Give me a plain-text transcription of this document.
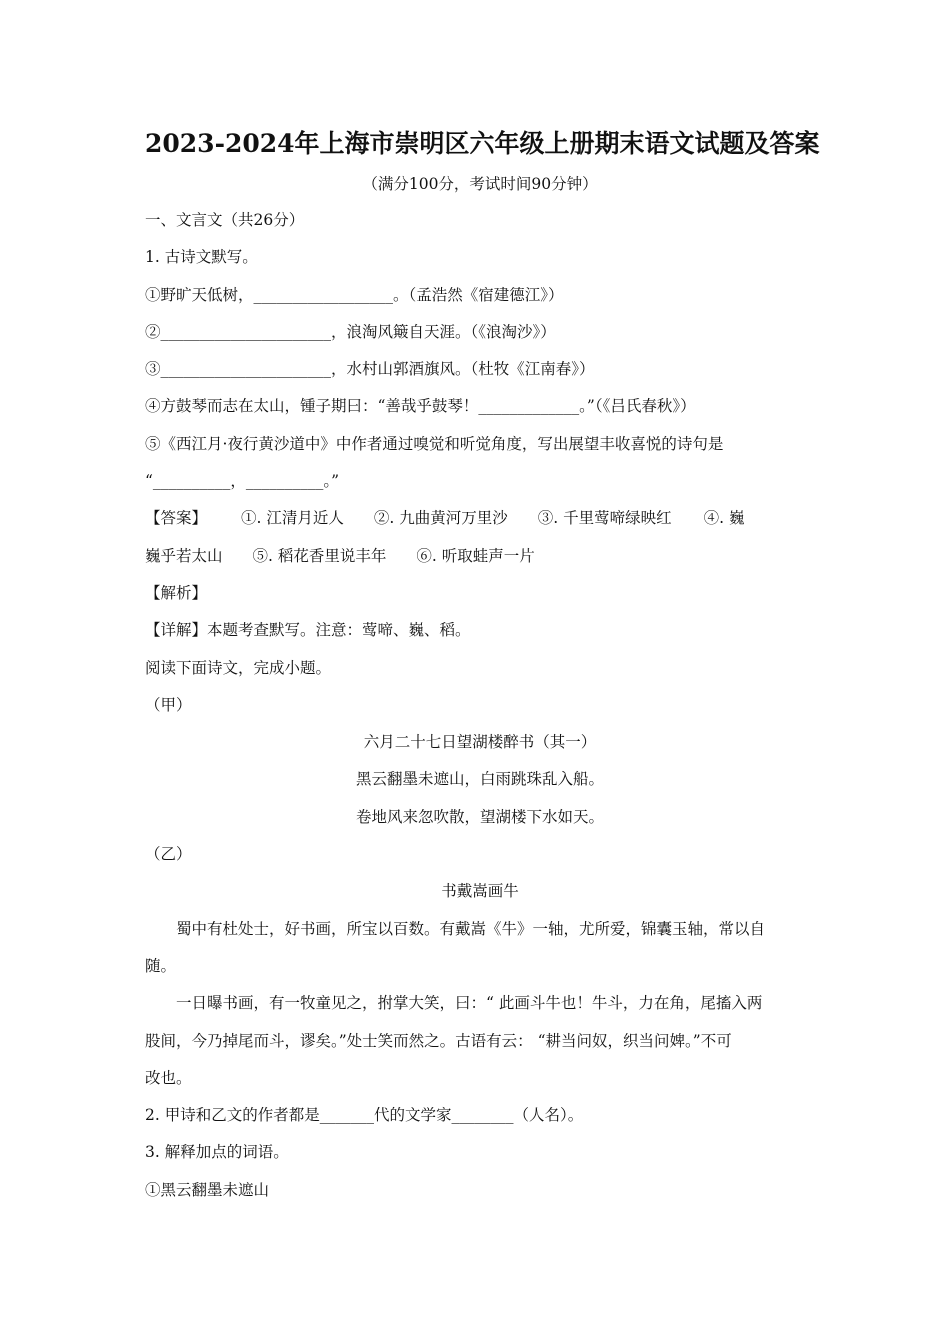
2023-2024年上海市崇明区六年级上册期末语文试题及答案
（满分100分，考试时间90分钟）
一、文言文（共26分）
1. 古诗文默写。
①野旷天低树，__________________。（孟浩然《宿建德江》）
②______________________，浪淘风簸自天涯。（《浪淘沙》）
③______________________，水村山郭酒旗风。（杜牧《江南春》）
④方鼓琴而志在太山，锺子期曰：“善哉乎鼓琴！_____________。”（《吕氏春秋》）
⑤《西江月·夜行黄沙道中》中作者通过嗅觉和听觉角度，写出展望丰收喜悦的诗句是
“__________，__________。”
【答案】 ①. 江清月近人 ②. 九曲黄河万里沙 ③. 千里莺啼绿映红 ④. 巍
巍乎若太山 ⑤. 稻花香里说丰年 ⑥. 听取蛙声一片
【解析】
【详解】本题考查默写。注意：莺啼、巍、稻。
阅读下面诗文，完成小题。
（甲）
六月二十七日望湖楼醉书（其一）
黑云翻墨未遮山，白雨跳珠乱入船。
卷地风来忽吹散，望湖楼下水如天。
（乙）
书戴嵩画牛
蜀中有杜处士，好书画，所宝以百数。有戴嵩《牛》一轴，尤所爱，锦囊玉轴，常以自
随。
一日曝书画，有一牧童见之，拊掌大笑，曰：“ 此画斗牛也！牛斗，力在角，尾搐入两
股间，今乃掉尾而斗，谬矣。”处士笑而然之。古语有云： “耕当问奴，织当问婢。”不可
改也。
2. 甲诗和乙文的作者都是_______代的文学家________（人名）。
3. 解释加点的词语。
①黑云翻墨未遮山
